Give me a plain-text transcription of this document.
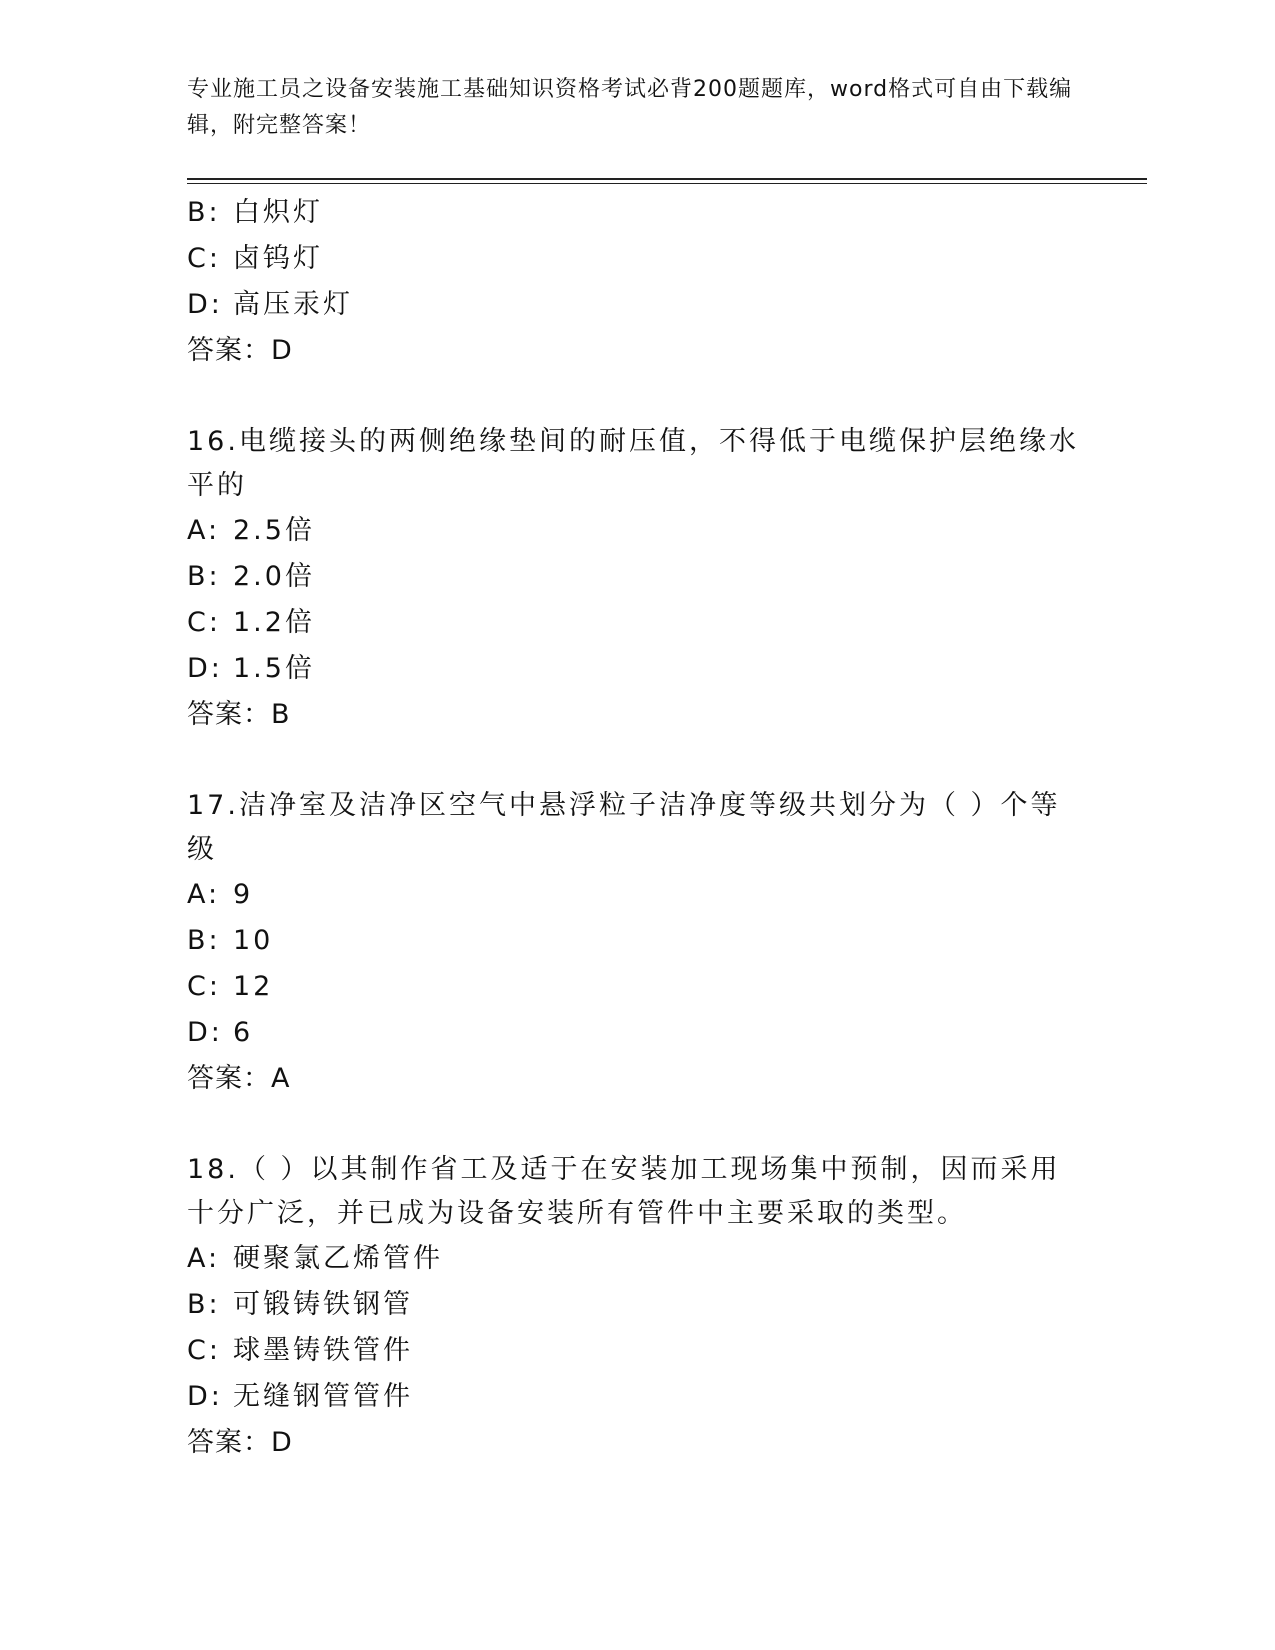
专业施工员之设备安装施工基础知识资格考试必背200题题库，word格式可自由下载编辑，附完整答案！
B: 白炽灯
C: 卤钨灯
D: 高压汞灯
答案：D
16.电缆接头的两侧绝缘垫间的耐压值，不得低于电缆保护层绝缘水平的
A: 2.5倍
B: 2.0倍
C: 1.2倍
D: 1.5倍
答案：B
17.洁净室及洁净区空气中悬浮粒子洁净度等级共划分为（ ）个等级
A: 9
B: 10
C: 12
D: 6
答案：A
18.（ ）以其制作省工及适于在安装加工现场集中预制，因而采用十分广泛，并已成为设备安装所有管件中主要采取的类型。
A: 硬聚氯乙烯管件
B: 可锻铸铁钢管
C: 球墨铸铁管件
D: 无缝钢管管件
答案：D
